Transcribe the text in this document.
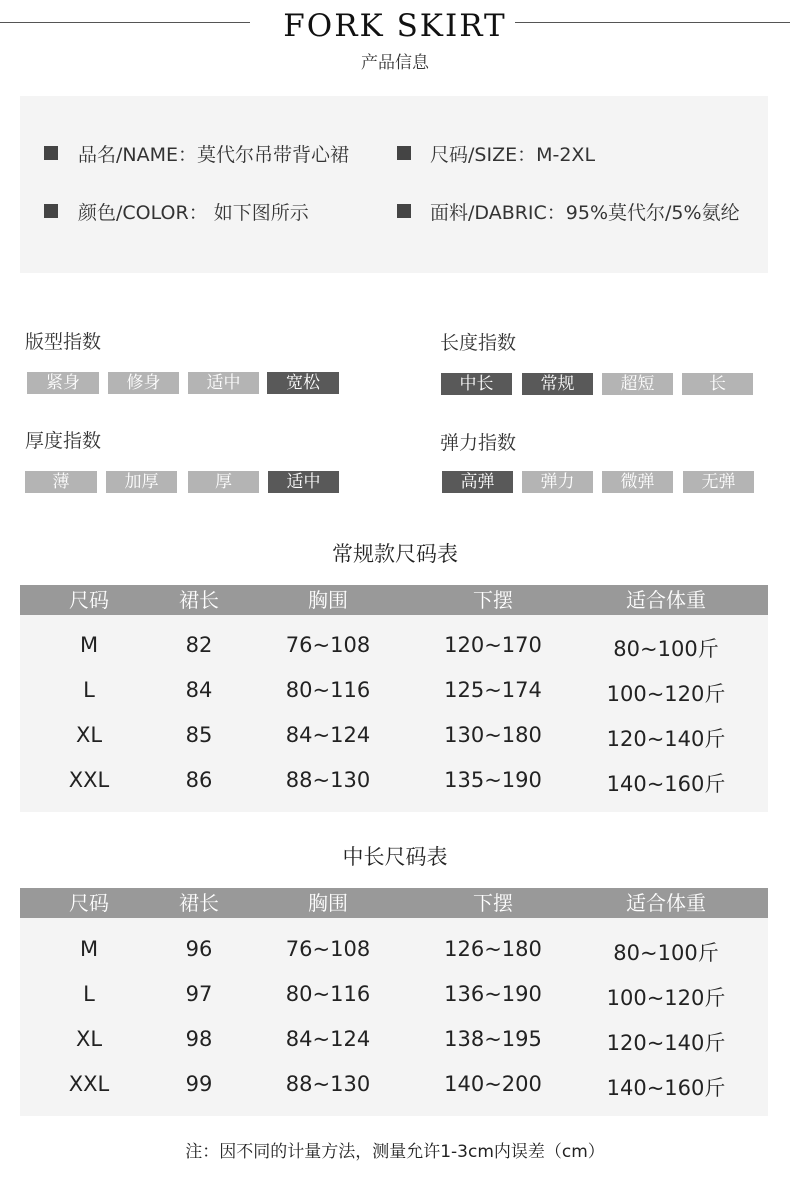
FORK SKIRT
产品信息
品名/NAME：莫代尔吊带背心裙	尺码/SIZE：M-2XL
颜色/COLOR： 如下图所示	面料/DABRIC：95%莫代尔/5%氨纶
版型指数
紧身	修身	适中	宽松
长度指数
中长	常规	超短	长
厚度指数
薄	加厚	厚	适中
弹力指数
高弹	弹力	微弹	无弹
常规款尺码表
尺码	裙长	胸围	下摆	适合体重
M	82	76~108	120~170	80~100斤
L	84	80~116	125~174	100~120斤
XL	85	84~124	130~180	120~140斤
XXL	86	88~130	135~190	140~160斤
中长尺码表
尺码	裙长	胸围	下摆	适合体重
M	96	76~108	126~180	80~100斤
L	97	80~116	136~190	100~120斤
XL	98	84~124	138~195	120~140斤
XXL	99	88~130	140~200	140~160斤
注：因不同的计量方法，测量允许1-3cm内误差（cm）
